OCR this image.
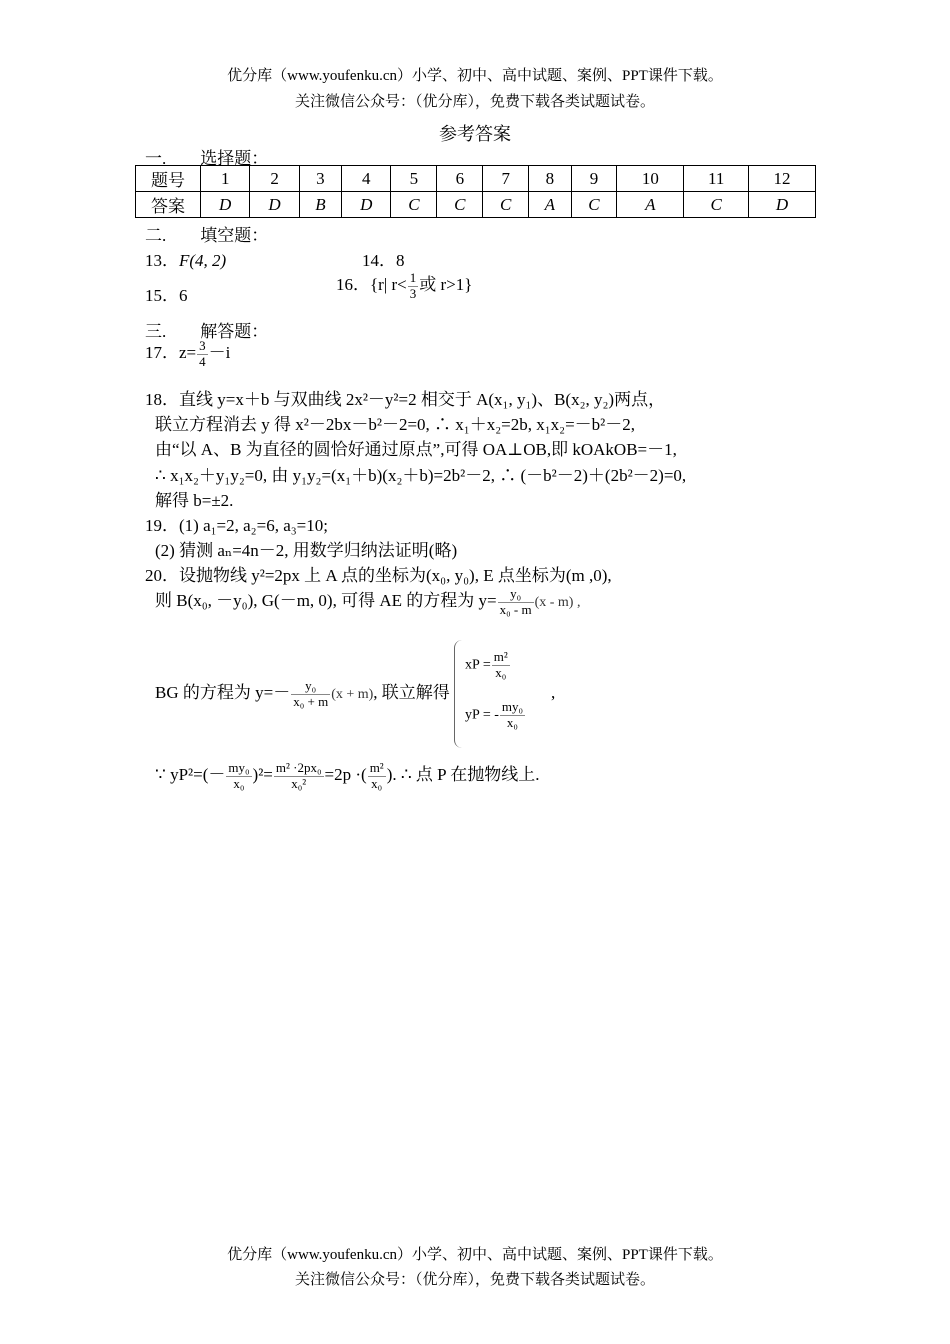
优分库（www.youfenku.cn）小学、初中、高中试题、案例、PPT课件下载。
关注微信公众号：（优分库），免费下载各类试题试卷。
参考答案
一.　　选择题：
题号	1	2	3	4	5	6	7	8	9	10	11	12
答案	D	D	B	D	C	C	C	A	C	A	C	D
二.　　填空题：
13．F(4, 2)	14．8
15．6
16．{r| $r< \frac{1}{3}$ 或 r>1}
三.　　解答题：
17．$z= \frac{3}{4} -i$
18．直线 y=x＋b 与双曲线 2x²－y²=2 相交于 A(x₁, y₁)、B(x₂, y₂)两点，
联立方程消去 y 得 x²－2bx－b²－2=0, ∴ x₁＋x₂=2b, x₁x₂=－b²－2,
由“以 A、B 为直径的圆恰好通过原点”,可得 OA⊥OB,即 kOAkOB=－1,
∴ x₁x₂＋y₁y₂=0, 由 y₁y₂=(x₁＋b)(x₂＋b)=2b²－2, ∴ (－b²－2)＋(2b²－2)=0,
解得 b=±2.
19．(1) a₁=2, a₂=6, a₃=10;
(2) 猜测 aₙ=4n－2, 用数学归纳法证明(略)
20．设抛物线 y²=2px 上 A 点的坐标为(x₀, y₀), E 点坐标为(m ,0),
则 B(x₀, －y₀), G(－m, 0), 可得 AE 的方程为 $y= \frac{\text{y₀}}{\text{x₀ - m}} (x - m)$ ,
BG 的方程为 $y=- \frac{\text{y₀}}{\text{x₀ + m}} (x + m)$, 联立解得
xP = $\frac{\text{m²}}{\text{x₀}}$
yP = - $\frac{\text{my₀}}{\text{x₀}}$
,
∵ $yP^2=(- \frac{\text{my₀}}{\text{x₀}} )^2= \frac{\text{m² ·2px₀}}{\text{x₀²}} =2p$ ·( $\frac{\text{m²}}{\text{x₀}}$ ). ∴ 点 P 在抛物线上.
优分库（www.youfenku.cn）小学、初中、高中试题、案例、PPT课件下载。
关注微信公众号：（优分库），免费下载各类试题试卷。
